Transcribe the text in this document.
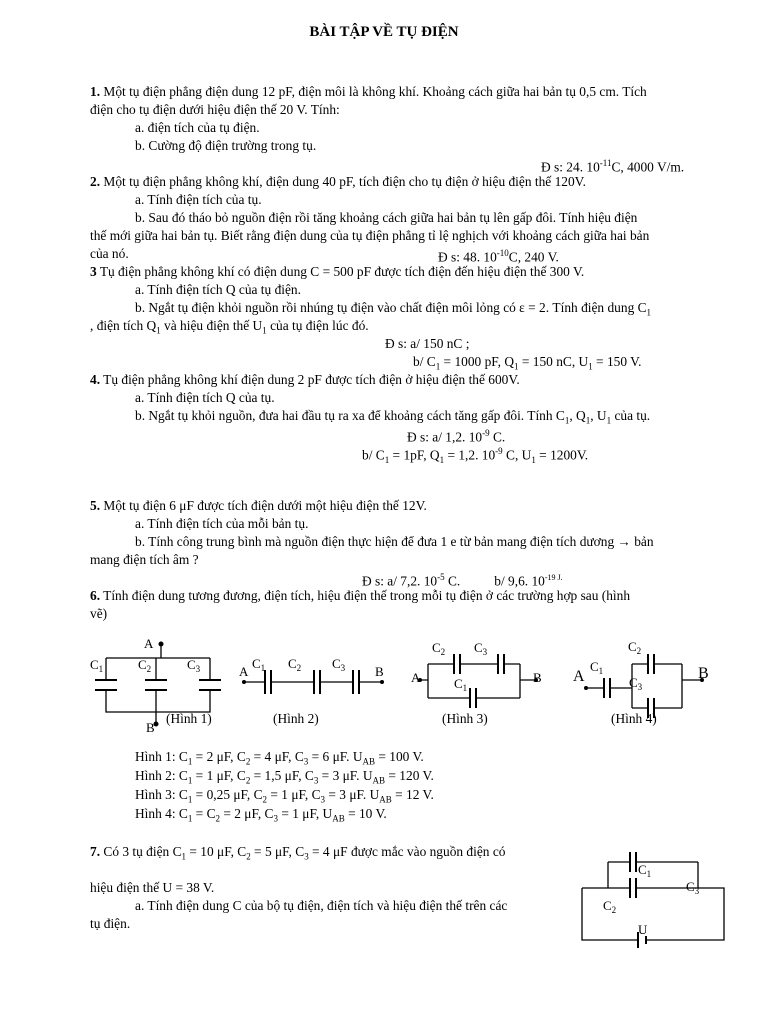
BÀI TẬP VỀ TỤ ĐIỆN
1. Một tụ điện phẳng điện dung 12 pF, điện môi là không khí. Khoảng cách giữa hai bản tụ 0,5 cm. Tích
điện cho tụ điện dưới hiệu điện thế 20 V. Tính:
a. điện tích của tụ điện.
b. Cường độ điện trường trong tụ.
Đ s: 24. $10^{-11}C$, 4000 V/m.
2. Một tụ điện phẳng không khí, điện dung 40 pF, tích điện cho tụ điện ở hiệu điện thế 120V.
a. Tính điện tích của tụ.
b. Sau đó tháo bỏ nguồn điện rồi tăng khoảng cách giữa hai bản tụ lên gấp đôi. Tính hiệu điện
thế mới giữa hai bản tụ. Biết rằng điện dung của tụ điện phẳng tỉ lệ nghịch với khoảng cách giữa hai bản
của nó.	Đ s: 48. $10^{-10}C$, 240 V.
3 Tụ điện phẳng không khí có điện dung C = 500 pF được tích điện đến hiệu điện thế 300 V.
a. Tính điện tích Q của tụ điện.
b. Ngắt tụ điện khỏi nguồn rồi nhúng tụ điện vào chất điện môi lỏng có ε = 2. Tính điện dung $C_1$
, điện tích $Q_1$ và hiệu điện thế $U_1$ của tụ điện lúc đó.
Đ s: a/ 150 nC ;
b/ $C_1 = 1000$ pF, $Q_1 = 150$ nC, $U_1 = 150$ V.
4. Tụ điện phẳng không khí điện dung 2 pF được tích điện ở hiệu điện thế 600V.
a. Tính điện tích Q của tụ.
b. Ngắt tụ khỏi nguồn, đưa hai đầu tụ ra xa để khoảng cách tăng gấp đôi. Tính $C_1$, $Q_1$, $U_1$ của tụ.
Đ s: a/ 1,2. $10^{-9}$ C.
b/ $C_1 = 1pF$, $Q_1 = 1,2$. $10^{-9}$ C, $U_1 = 1200V$.
5. Một tụ điện 6 μF được tích điện dưới một hiệu điện thế 12V.
a. Tính điện tích của mỗi bản tụ.
b. Tính công trung bình mà nguồn điện thực hiện để đưa 1 e từ bản mang điện tích dương → bản
mang điện tích âm ?
Đ s: a/ 7,2. $10^{-5}$ C.	b/ 9,6. $10^{-19 J.}$
6. Tính điện dung tương đương, điện tích, hiệu điện thế trong mỗi tụ điện ở các trường hợp sau (hình
vẽ)
A
B
$C_1$	$C_2$	$C_3$
(Hình 1)
A	B
$C_1$ $C_2$ $C_3$
(Hình 2)
A	B
$C_2$ $C_3$
$C_1$
(Hình 3)
A	B
$C_1$
$C_2$
$C_3$
(Hình 4)
Hình 1: $C_1 = 2$ μF, $C_2 = 4$ μF, $C_3 = 6$ μF. $U_{AB} = 100$ V.
Hình 2: $C_1 = 1$ μF, $C_2 = 1,5$ μF, $C_3 = 3$ μF. $U_{AB} = 120$ V.
Hình 3: $C_1 = 0,25$ μF, $C_2 = 1$ μF, $C_3 = 3$ μF. $U_{AB} = 12$ V.
Hình 4: $C_1 = C_2 = 2$ μF, $C_3 = 1$ μF, $U_{AB} = 10$ V.
7. Có 3 tụ điện $C_1 = 10$ μF, $C_2 = 5$ μF, $C_3 = 4$ μF được mắc vào nguồn điện có
hiệu điện thế U = 38 V.
a. Tính điện dung C của bộ tụ điện, điện tích và hiệu điện thế trên các
tụ điện.
$C_1$
$C_3$
$C_2$
U
